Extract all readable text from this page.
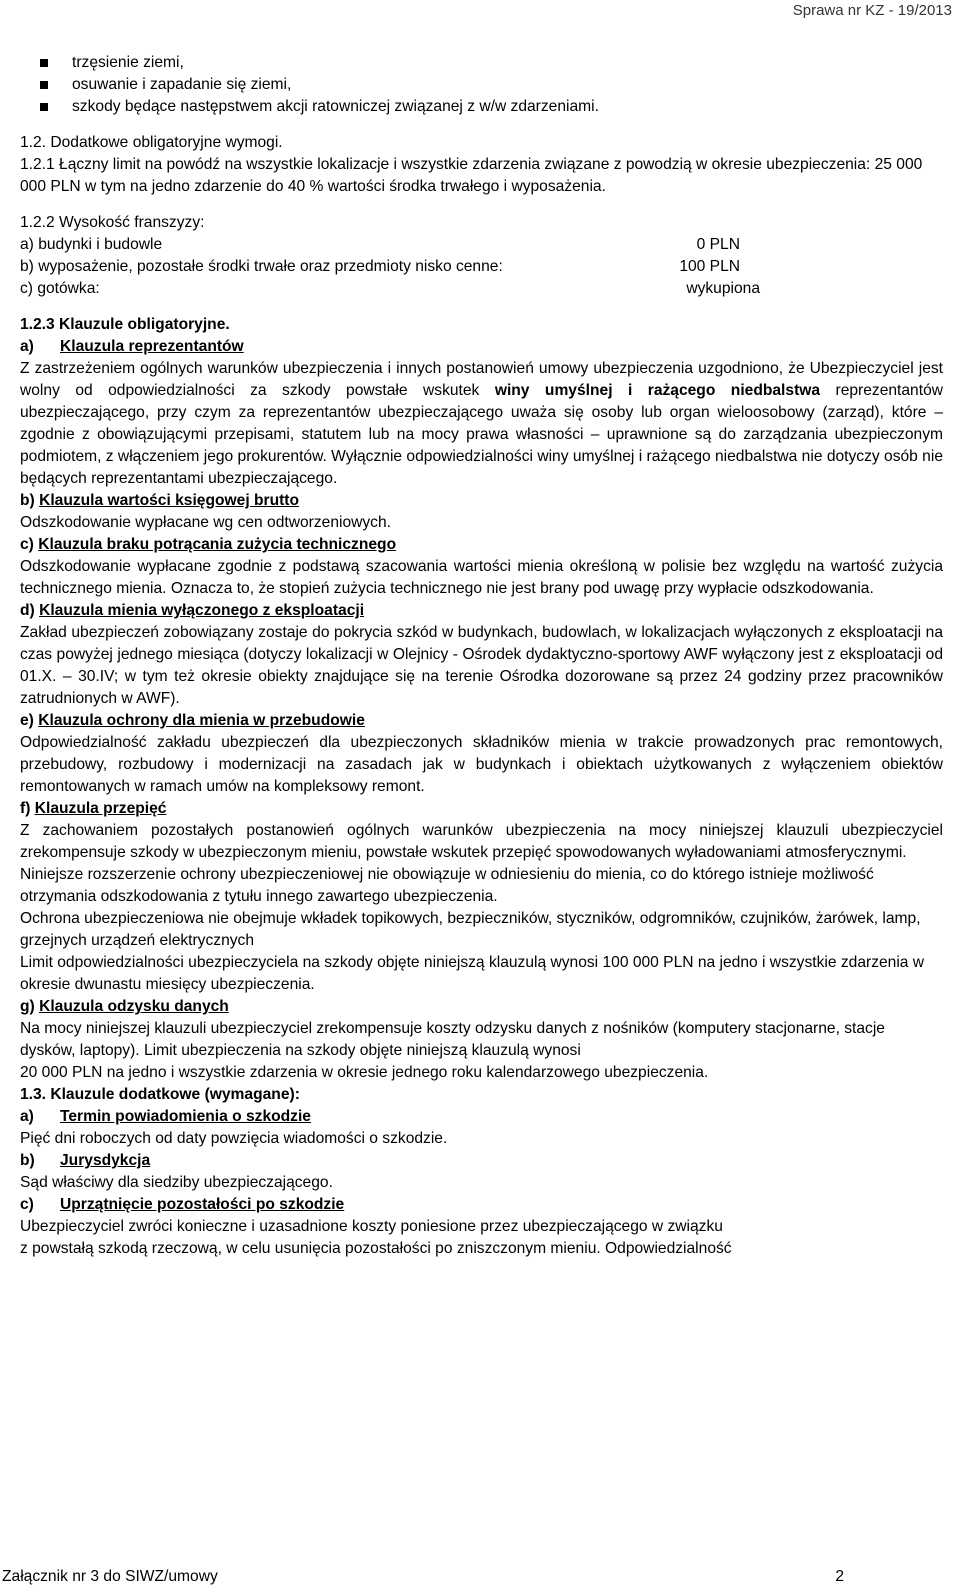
Sprawa nr KZ - 19/2013
trzęsienie ziemi,
osuwanie i zapadanie się ziemi,
szkody będące następstwem akcji ratowniczej związanej z w/w zdarzeniami.

1.2. Dodatkowe obligatoryjne wymogi.

1.2.1 Łączny limit na powódź na wszystkie lokalizacje i wszystkie zdarzenia związane z powodzią w okresie ubezpieczenia: 25 000 000 PLN w tym na jedno zdarzenie do 40 % wartości środka trwałego i wyposażenia.

1.2.2 Wysokość franszyzy:

a) budynki i budowle	0 PLN
b) wyposażenie, pozostałe środki trwałe oraz przedmioty nisko cenne:	100 PLN
c) gotówka:	wykupiona

1.2.3 Klauzule obligatoryjne.

a) Klauzula reprezentantów

Z zastrzeżeniem ogólnych warunków ubezpieczenia i innych postanowień umowy ubezpieczenia uzgodniono, że Ubezpieczyciel jest wolny od odpowiedzialności za szkody powstałe wskutek winy umyślnej i rażącego niedbalstwa reprezentantów ubezpieczającego, przy czym za reprezentantów ubezpieczającego uważa się osoby lub organ wieloosobowy (zarząd), które – zgodnie z obowiązującymi przepisami, statutem lub na mocy prawa własności – uprawnione są do zarządzania ubezpieczonym podmiotem, z włączeniem jego prokurentów. Wyłącznie odpowiedzialności winy umyślnej i rażącego niedbalstwa nie dotyczy osób nie będących reprezentantami ubezpieczającego.

b) Klauzula wartości księgowej brutto

Odszkodowanie wypłacane wg cen odtworzeniowych.

c) Klauzula braku potrącania zużycia technicznego

Odszkodowanie wypłacane zgodnie z podstawą szacowania wartości mienia określoną w polisie bez względu na wartość zużycia technicznego mienia. Oznacza to, że stopień zużycia technicznego nie jest brany pod uwagę przy wypłacie odszkodowania.

d) Klauzula mienia wyłączonego z eksploatacji

Zakład ubezpieczeń zobowiązany zostaje do pokrycia szkód w budynkach, budowlach, w lokalizacjach wyłączonych z eksploatacji na czas powyżej jednego miesiąca (dotyczy lokalizacji w Olejnicy - Ośrodek dydaktyczno-sportowy AWF wyłączony jest z eksploatacji od 01.X. – 30.IV; w tym też okresie obiekty znajdujące się na terenie Ośrodka dozorowane są przez 24 godziny przez pracowników zatrudnionych w AWF).

e) Klauzula ochrony dla mienia w przebudowie

Odpowiedzialność zakładu ubezpieczeń dla ubezpieczonych składników mienia w trakcie prowadzonych prac remontowych, przebudowy, rozbudowy i modernizacji na zasadach jak w budynkach i obiektach użytkowanych z wyłączeniem obiektów remontowanych w ramach umów na kompleksowy remont.

f) Klauzula przepięć

Z zachowaniem pozostałych postanowień ogólnych warunków ubezpieczenia na mocy niniejszej klauzuli ubezpieczyciel zrekompensuje szkody w ubezpieczonym mieniu, powstałe wskutek przepięć spowodowanych wyładowaniami atmosferycznymi.

Niniejsze rozszerzenie ochrony ubezpieczeniowej nie obowiązuje w odniesieniu do mienia, co do którego istnieje możliwość otrzymania odszkodowania z tytułu innego zawartego ubezpieczenia.

Ochrona ubezpieczeniowa nie obejmuje wkładek topikowych, bezpieczników, styczników, odgromników, czujników, żarówek, lamp, grzejnych urządzeń elektrycznych

Limit odpowiedzialności ubezpieczyciela na szkody objęte niniejszą klauzulą wynosi 100 000 PLN na jedno i wszystkie zdarzenia w okresie dwunastu miesięcy ubezpieczenia.

g) Klauzula odzysku danych

Na mocy niniejszej klauzuli ubezpieczyciel zrekompensuje koszty odzysku danych z nośników (komputery stacjonarne, stacje dysków, laptopy). Limit ubezpieczenia na szkody objęte niniejszą klauzulą wynosi

20 000 PLN na jedno i wszystkie zdarzenia w okresie jednego roku kalendarzowego ubezpieczenia.

1.3. Klauzule dodatkowe (wymagane):

a) Termin powiadomienia o szkodzie

Pięć dni roboczych od daty powzięcia wiadomości o szkodzie.

b) Jurysdykcja

Sąd właściwy dla siedziby ubezpieczającego.

c) Uprzątnięcie pozostałości po szkodzie

Ubezpieczyciel zwróci konieczne i uzasadnione koszty poniesione przez ubezpieczającego w związku

z powstałą szkodą rzeczową, w celu usunięcia pozostałości po zniszczonym mieniu. Odpowiedzialność

Załącznik nr 3 do SIWZ/umowy	2
